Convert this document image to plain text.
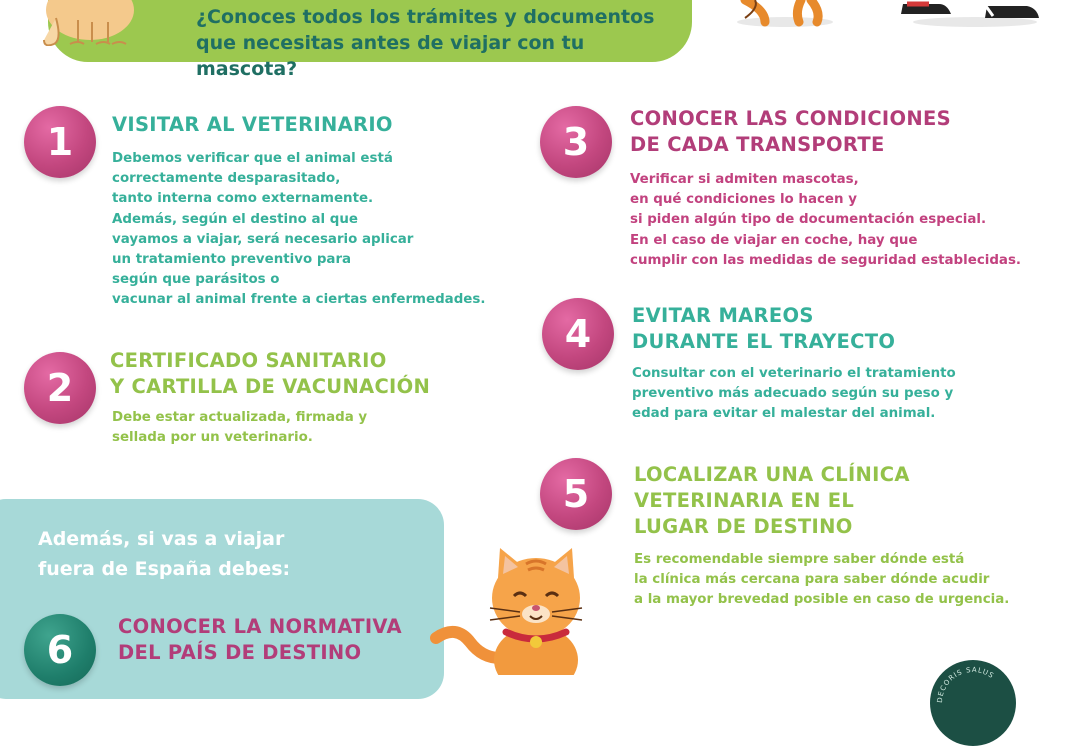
¿Conoces todos los trámites y documentos
que necesitas antes de viajar con tu mascota?
1	VISITAR AL VETERINARIO
Debemos verificar que el animal está
correctamente desparasitado,
tanto interna como externamente.
Además, según el destino al que
vayamos a viajar, será necesario aplicar
un tratamiento preventivo para
según que parásitos o
vacunar al animal frente a ciertas enfermedades.
2
CERTIFICADO SANITARIO
Y CARTILLA DE VACUNACIÓN
Debe estar actualizada, firmada y
sellada por un veterinario.
3
CONOCER LAS CONDICIONES
DE CADA TRANSPORTE
Verificar si admiten mascotas,
en qué condiciones lo hacen y
si piden algún tipo de documentación especial.
En el caso de viajar en coche, hay que
cumplir con las medidas de seguridad establecidas.
4	EVITAR MAREOS
DURANTE EL TRAYECTO
Consultar con el veterinario el tratamiento
preventivo más adecuado según su peso y
edad para evitar el malestar del animal.
5	LOCALIZAR UNA CLÍNICA
VETERINARIA EN EL
LUGAR DE DESTINO
Es recomendable siempre saber dónde está
la clínica más cercana para saber dónde acudir
a la mayor brevedad posible en caso de urgencia.
Además, si vas a viajar
fuera de España debes:
6
CONOCER LA NORMATIVA
DEL PAÍS DE DESTINO
DECORIS SALUS
